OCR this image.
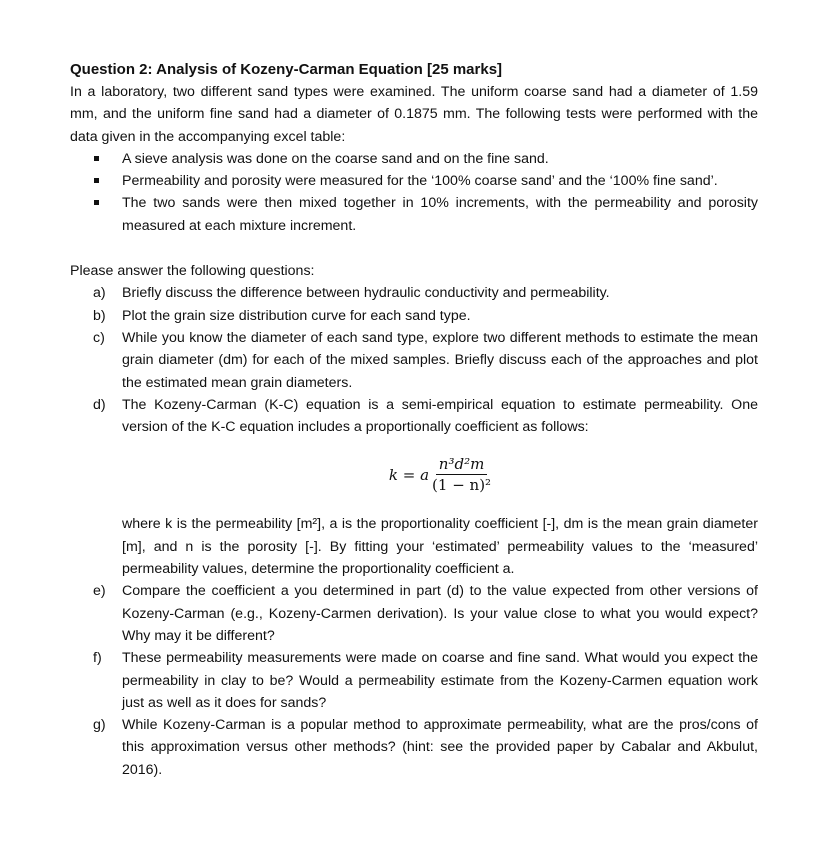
Question 2: Analysis of Kozeny-Carman Equation [25 marks]

In a laboratory, two different sand types were examined. The uniform coarse sand had a diameter of 1.59 mm, and the uniform fine sand had a diameter of 0.1875 mm. The following tests were performed with the data given in the accompanying excel table:

A sieve analysis was done on the coarse sand and on the fine sand.
Permeability and porosity were measured for the ‘100% coarse sand’ and the ‘100% fine sand’.
The two sands were then mixed together in 10% increments, with the permeability and porosity measured at each mixture increment.

Please answer the following questions:

a) Briefly discuss the difference between hydraulic conductivity and permeability.
b) Plot the grain size distribution curve for each sand type.
c) While you know the diameter of each sand type, explore two different methods to estimate the mean grain diameter (dm) for each of the mixed samples. Briefly discuss each of the approaches and plot the estimated mean grain diameters.
d) The Kozeny-Carman (K-C) equation is a semi-empirical equation to estimate permeability. One version of the K-C equation includes a proportionally coefficient as follows:
k = a $\frac{\text{n³d²m}}{\text{(1 − n)²}}$

where k is the permeability [m²], a is the proportionality coefficient [-], dm is the mean grain diameter [m], and n is the porosity [-]. By fitting your ‘estimated’ permeability values to the ‘measured’ permeability values, determine the proportionality coefficient a.

e) Compare the coefficient a you determined in part (d) to the value expected from other versions of Kozeny-Carman (e.g., Kozeny-Carmen derivation). Is your value close to what you would expect? Why may it be different?
f) These permeability measurements were made on coarse and fine sand. What would you expect the permeability in clay to be? Would a permeability estimate from the Kozeny-Carmen equation work just as well as it does for sands?
g) While Kozeny-Carman is a popular method to approximate permeability, what are the pros/cons of this approximation versus other methods? (hint: see the provided paper by Cabalar and Akbulut, 2016).
